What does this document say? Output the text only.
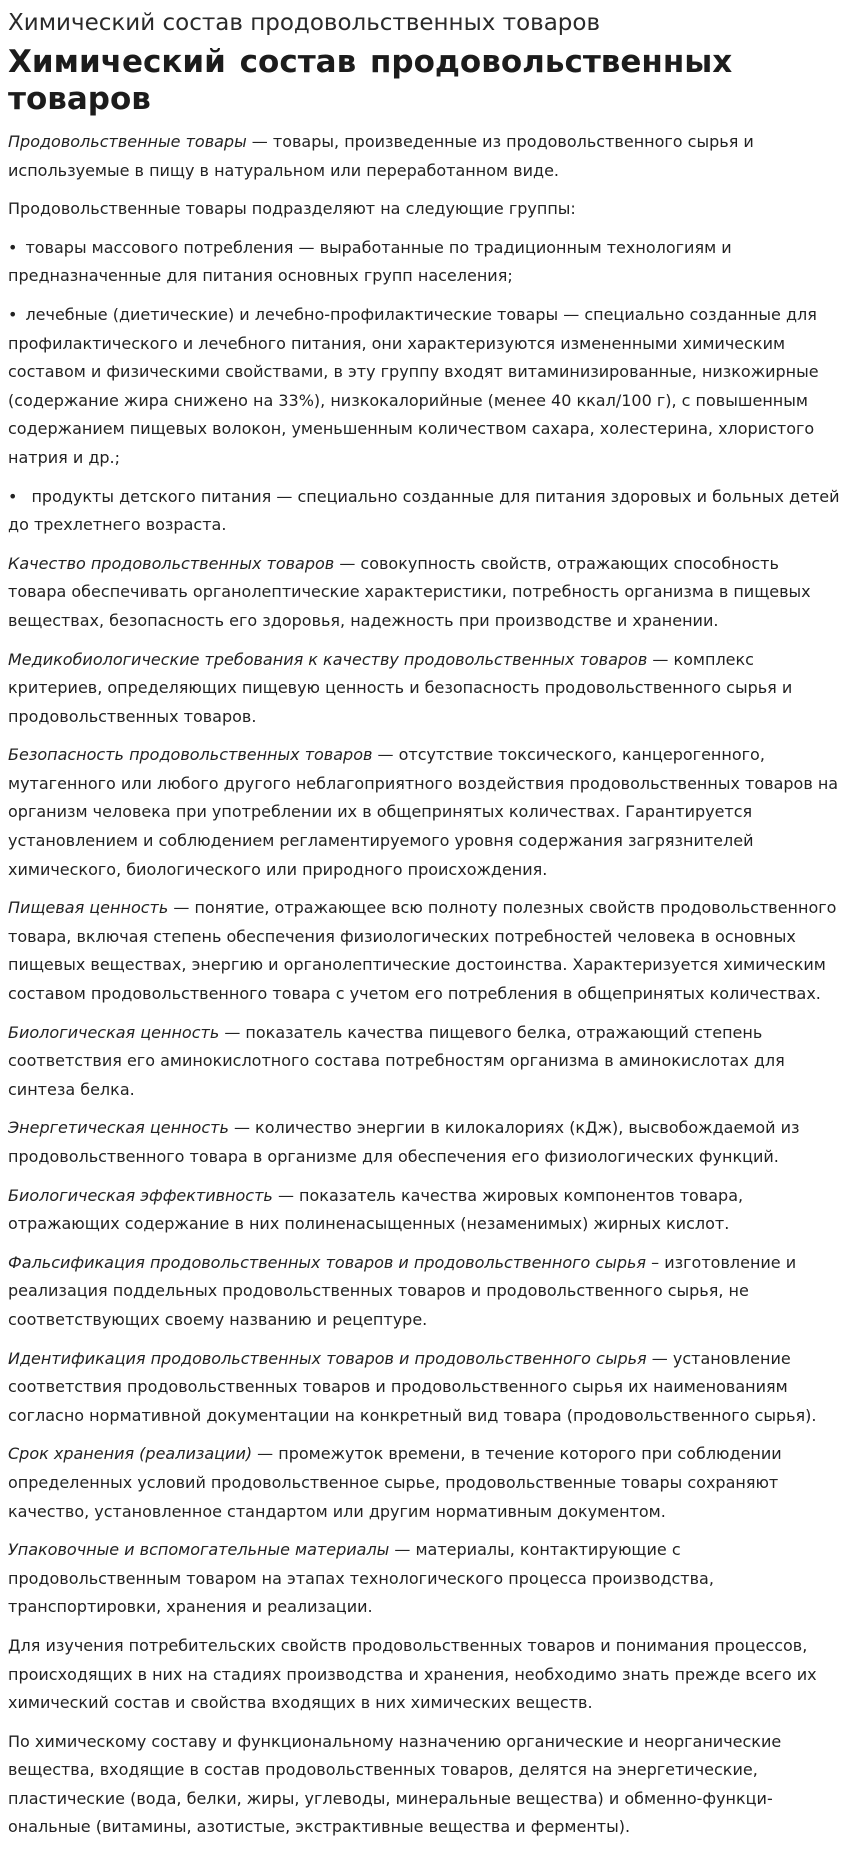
Химический состав продовольственных товаров
Химический состав продовольственных товаров

Продовольственные товары — товары, произведенные из продовольственного сырья и используемые в пищу в натуральном или переработанном виде.

Продовольственные товары подразделяют на следующие группы:

• товары массового потребления — выработанные по традиционным технологиям и предназначенные для питания основных групп населения;

• лечебные (диетические) и лечебно-профилактические товары — специально созданные для профилактического и лечебного питания, они характеризуются измененными химическим составом и физическими свойствами, в эту группу входят витаминизированные, низкожирные (содержание жира снижено на 33%), низкокалорийные (менее 40 ккал/100 г), с повышенным содержанием пищевых волокон, уменьшенным количеством сахара, холестерина, хлористого натрия и др.;

• продукты детского питания — специально созданные для питания здоровых и больных детей до трехлетнего возраста.

Качество продовольственных товаров — совокупность свойств, отражающих способность товара обеспечивать органолептические характеристики, потребность организма в пищевых веществах, безопасность его здоровья, надежность при производстве и хранении.

Медикобиологические требования к качеству продовольственных товаров — комплекс критериев, определяющих пищевую ценность и безопасность продовольственного сырья и продовольственных товаров.

Безопасность продовольственных товаров — отсутствие токсического, канцерогенного, мутагенного или любого другого неблагоприятного воздействия продовольственных товаров на организм человека при употреблении их в общепринятых количествах. Гарантируется установлением и соблюдением регламентируемого уровня содержания загрязнителей химического, биологического или природного происхождения.

Пищевая ценность — понятие, отражающее всю полноту полезных свойств продовольственного товара, включая степень обеспечения физиологических потребностей человека в основных пищевых веществах, энергию и органолептические достоинства. Характеризуется химическим составом продовольственного товара с учетом его потребления в общепринятых количествах.

Биологическая ценность — показатель качества пищевого белка, отражающий степень соответствия его аминокислотного состава потребностям организма в аминокислотах для синтеза белка.

Энергетическая ценность — количество энергии в килокалориях (кДж), высвобождаемой из продовольственного товара в организме для обеспечения его физиологических функций.

Биологическая эффективность — показатель качества жировых компонентов товара, отражающих содержание в них полиненасыщенных (незаменимых) жирных кислот.

Фальсификация продовольственных товаров и продовольственного сырья – изготовление и реализация поддельных продовольственных товаров и продовольственного сырья, не соответствующих своему названию и рецептуре.

Идентификация продовольственных товаров и продовольственного сырья — установление соответствия продовольственных товаров и продовольственного сырья их наименованиям согласно нормативной документации на конкретный вид товара (продовольственного сырья).

Срок хранения (реализации) — промежуток времени, в течение которого при соблюдении определенных условий продовольственное сырье, продовольственные товары сохраняют качество, установленное стандартом или другим нормативным документом.

Упаковочные и вспомогательные материалы — материалы, контактирующие с продовольственным товаром на этапах технологического процесса производства, транспортировки, хранения и реализации.

Для изучения потребительских свойств продовольственных товаров и понимания процессов, происходящих в них на стадиях производства и хранения, необходимо знать прежде всего их химический состав и свойства входящих в них химических веществ.

По химическому составу и функциональному назначению органические и неорганические вещества, входящие в состав продовольственных товаров, делятся на энергетические, пластические (вода, белки, жиры, углеводы, минеральные вещества) и обменно-функци-ональные (витамины, азотистые, экстрактивные вещества и ферменты).
